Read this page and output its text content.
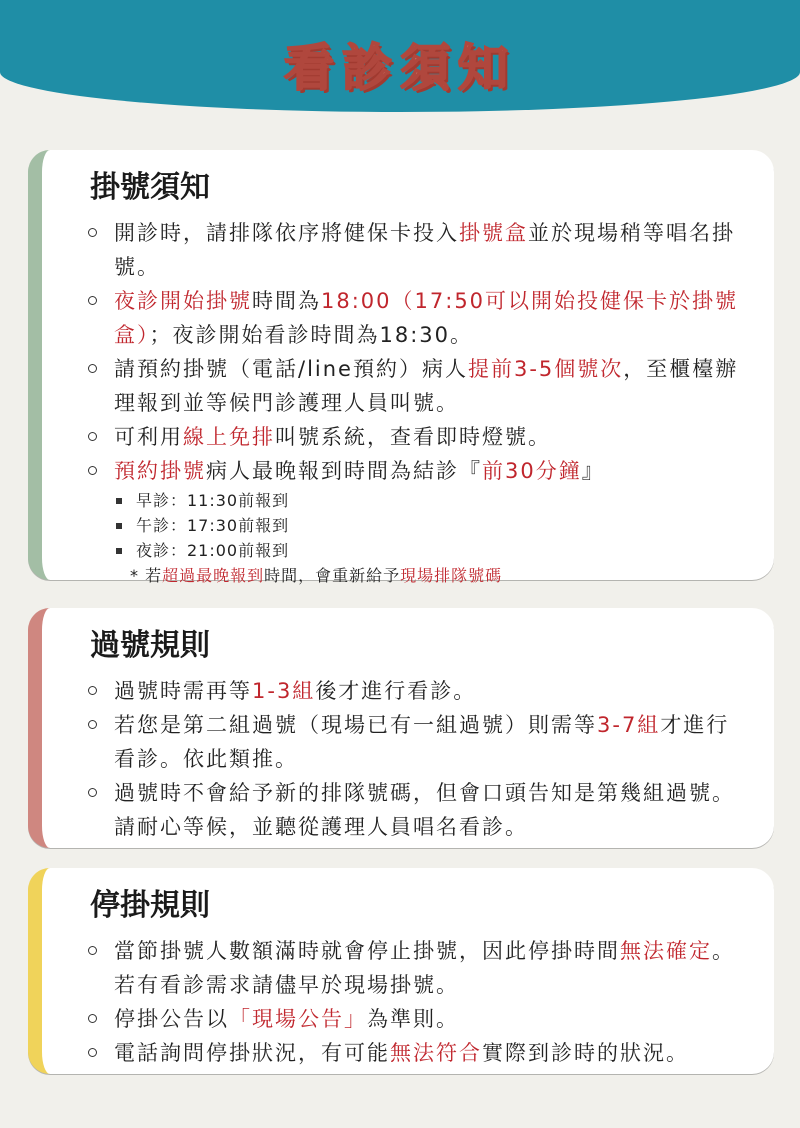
看診須知
掛號須知
開診時，請排隊依序將健保卡投入掛號盒並於現場稍等唱名掛號。
夜診開始掛號時間為18:00（17:50可以開始投健保卡於掛號盒）；夜診開始看診時間為18:30。
請預約掛號（電話/line預約）病人提前3-5個號次，至櫃檯辦理報到並等候門診護理人員叫號。
可利用線上免排叫號系統，查看即時燈號。
預約掛號病人最晚報到時間為結診『前30分鐘』
早診：11:30前報到
午診：17:30前報到
夜診：21:00前報到
* 若超過最晚報到時間，會重新給予現場排隊號碼
過號規則
過號時需再等1-3組後才進行看診。
若您是第二組過號（現場已有一組過號）則需等3-7組才進行看診。依此類推。
過號時不會給予新的排隊號碼，但會口頭告知是第幾組過號。請耐心等候，並聽從護理人員唱名看診。
停掛規則
當節掛號人數額滿時就會停止掛號，因此停掛時間無法確定。若有看診需求請儘早於現場掛號。
停掛公告以「現場公告」為準則。
電話詢問停掛狀況，有可能無法符合實際到診時的狀況。
